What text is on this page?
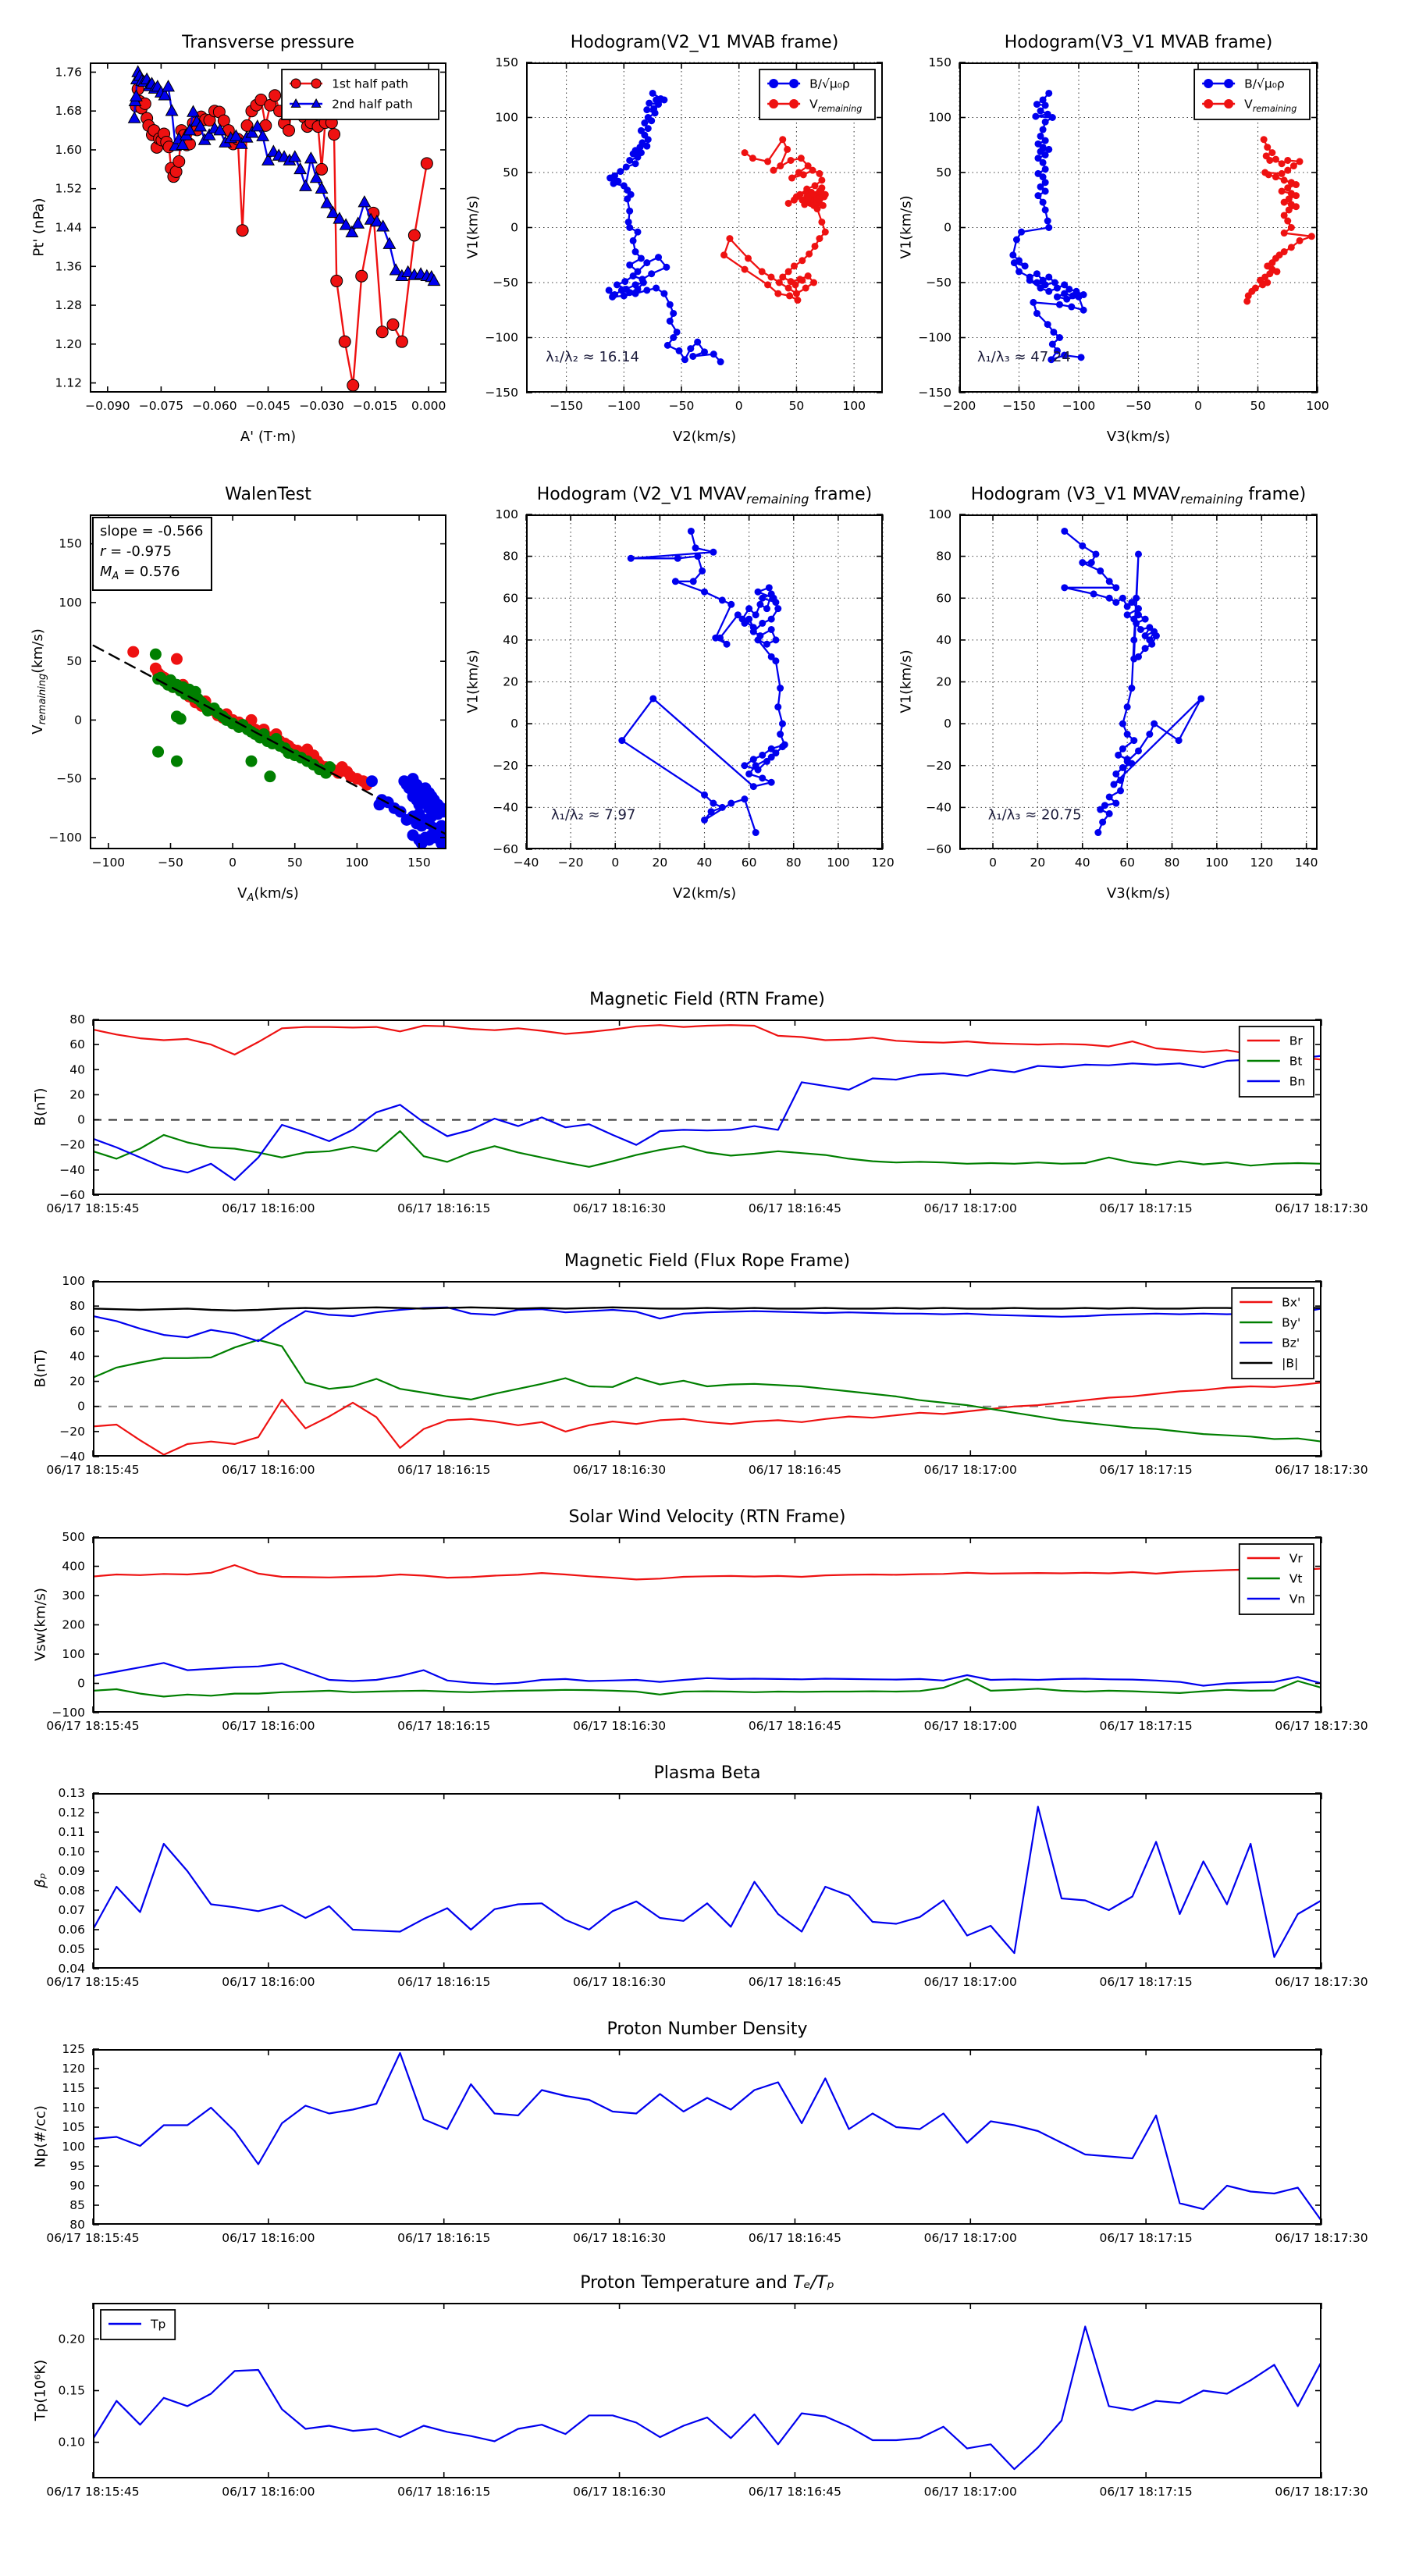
Transverse pressure
Pt' (nPa)
−0.090 −0.075 −0.060 −0.045 −0.030 −0.015 0.000
1.12
1.20
1.28
1.36
1.44
1.52
1.60
1.68
1.76
1st half path
2nd half path
A' (T·m)
Hodogram(V2_V1 MVAB frame)
V1(km/s)
−150 −100 −50	0	50	100
−150
−100
−50
0
50
100
150
λ₁/λ₂ ≈ 16.14
B/√μ₀ρ
$V_{remaining}$
V2(km/s)
Hodogram(V3_V1 MVAB frame)
V1(km/s)
−200 −150 −100	−50	0	50	100
−150
−100
−50
0
50
100
150
λ₁/λ₃ ≈ 47.24
B/√μ₀ρ
$V_{remaining}$
V3(km/s)
WalenTest
$V_{remaining}(km/s)$
−100	−50	0	50	100	150
−100
−50
0
50
100
150
slope = -0.566
r = -0.975
$M_A = 0.576$
$V_A(km/s)$
Hodogram (V2_V1 $MVAV_{remaining}$ frame)
V1(km/s)
−40 −20 0	20 40 60 80 100 120
−60
−40
−20
0
20
40
60
80
100
λ₁/λ₂ ≈ 7.97
V2(km/s)
Hodogram (V3_V1 $MVAV_{remaining}$ frame)
V1(km/s)
0	20 40 60 80 100 120 140
−60
−40
−20
0
20
40
60
80
100
λ₁/λ₃ ≈ 20.75
V3(km/s)
Magnetic Field (RTN Frame)
B(nT)
06/17 18:15:45	06/17 18:16:00	06/17 18:16:15	06/17 18:16:30	06/17 18:16:45	06/17 18:17:00	06/17 18:17:15	06/17 18:17:30
−60
−40
−20
0
20
40
60
80
Br
Bt
Bn
Magnetic Field (Flux Rope Frame)
B(nT)
06/17 18:15:45	06/17 18:16:00	06/17 18:16:15	06/17 18:16:30	06/17 18:16:45	06/17 18:17:00	06/17 18:17:15	06/17 18:17:30
−40
−20
0
20
40
60
80
100
Bx'
By'
Bz'
|B|
Solar Wind Velocity (RTN Frame)
Vsw(km/s)
06/17 18:15:45	06/17 18:16:00	06/17 18:16:15	06/17 18:16:30	06/17 18:16:45	06/17 18:17:00	06/17 18:17:15	06/17 18:17:30
−100
0
100
200
300
400
500
Vr
Vt
Vn
Plasma Beta
βₚ
06/17 18:15:45	06/17 18:16:00	06/17 18:16:15	06/17 18:16:30	06/17 18:16:45	06/17 18:17:00	06/17 18:17:15	06/17 18:17:30
0.04
0.05
0.06
0.07
0.08
0.09
0.10
0.11
0.12
0.13
Proton Number Density
Np(#/cc)
06/17 18:15:45	06/17 18:16:00	06/17 18:16:15	06/17 18:16:30	06/17 18:16:45	06/17 18:17:00	06/17 18:17:15	06/17 18:17:30
80
85
90
95
100
105
110
115
120
125
Proton Temperature and Tₑ/Tₚ
Tp(10⁶K)
06/17 18:15:45	06/17 18:16:00	06/17 18:16:15	06/17 18:16:30	06/17 18:16:45	06/17 18:17:00	06/17 18:17:15	06/17 18:17:30
0.10
0.15
0.20
Tp
